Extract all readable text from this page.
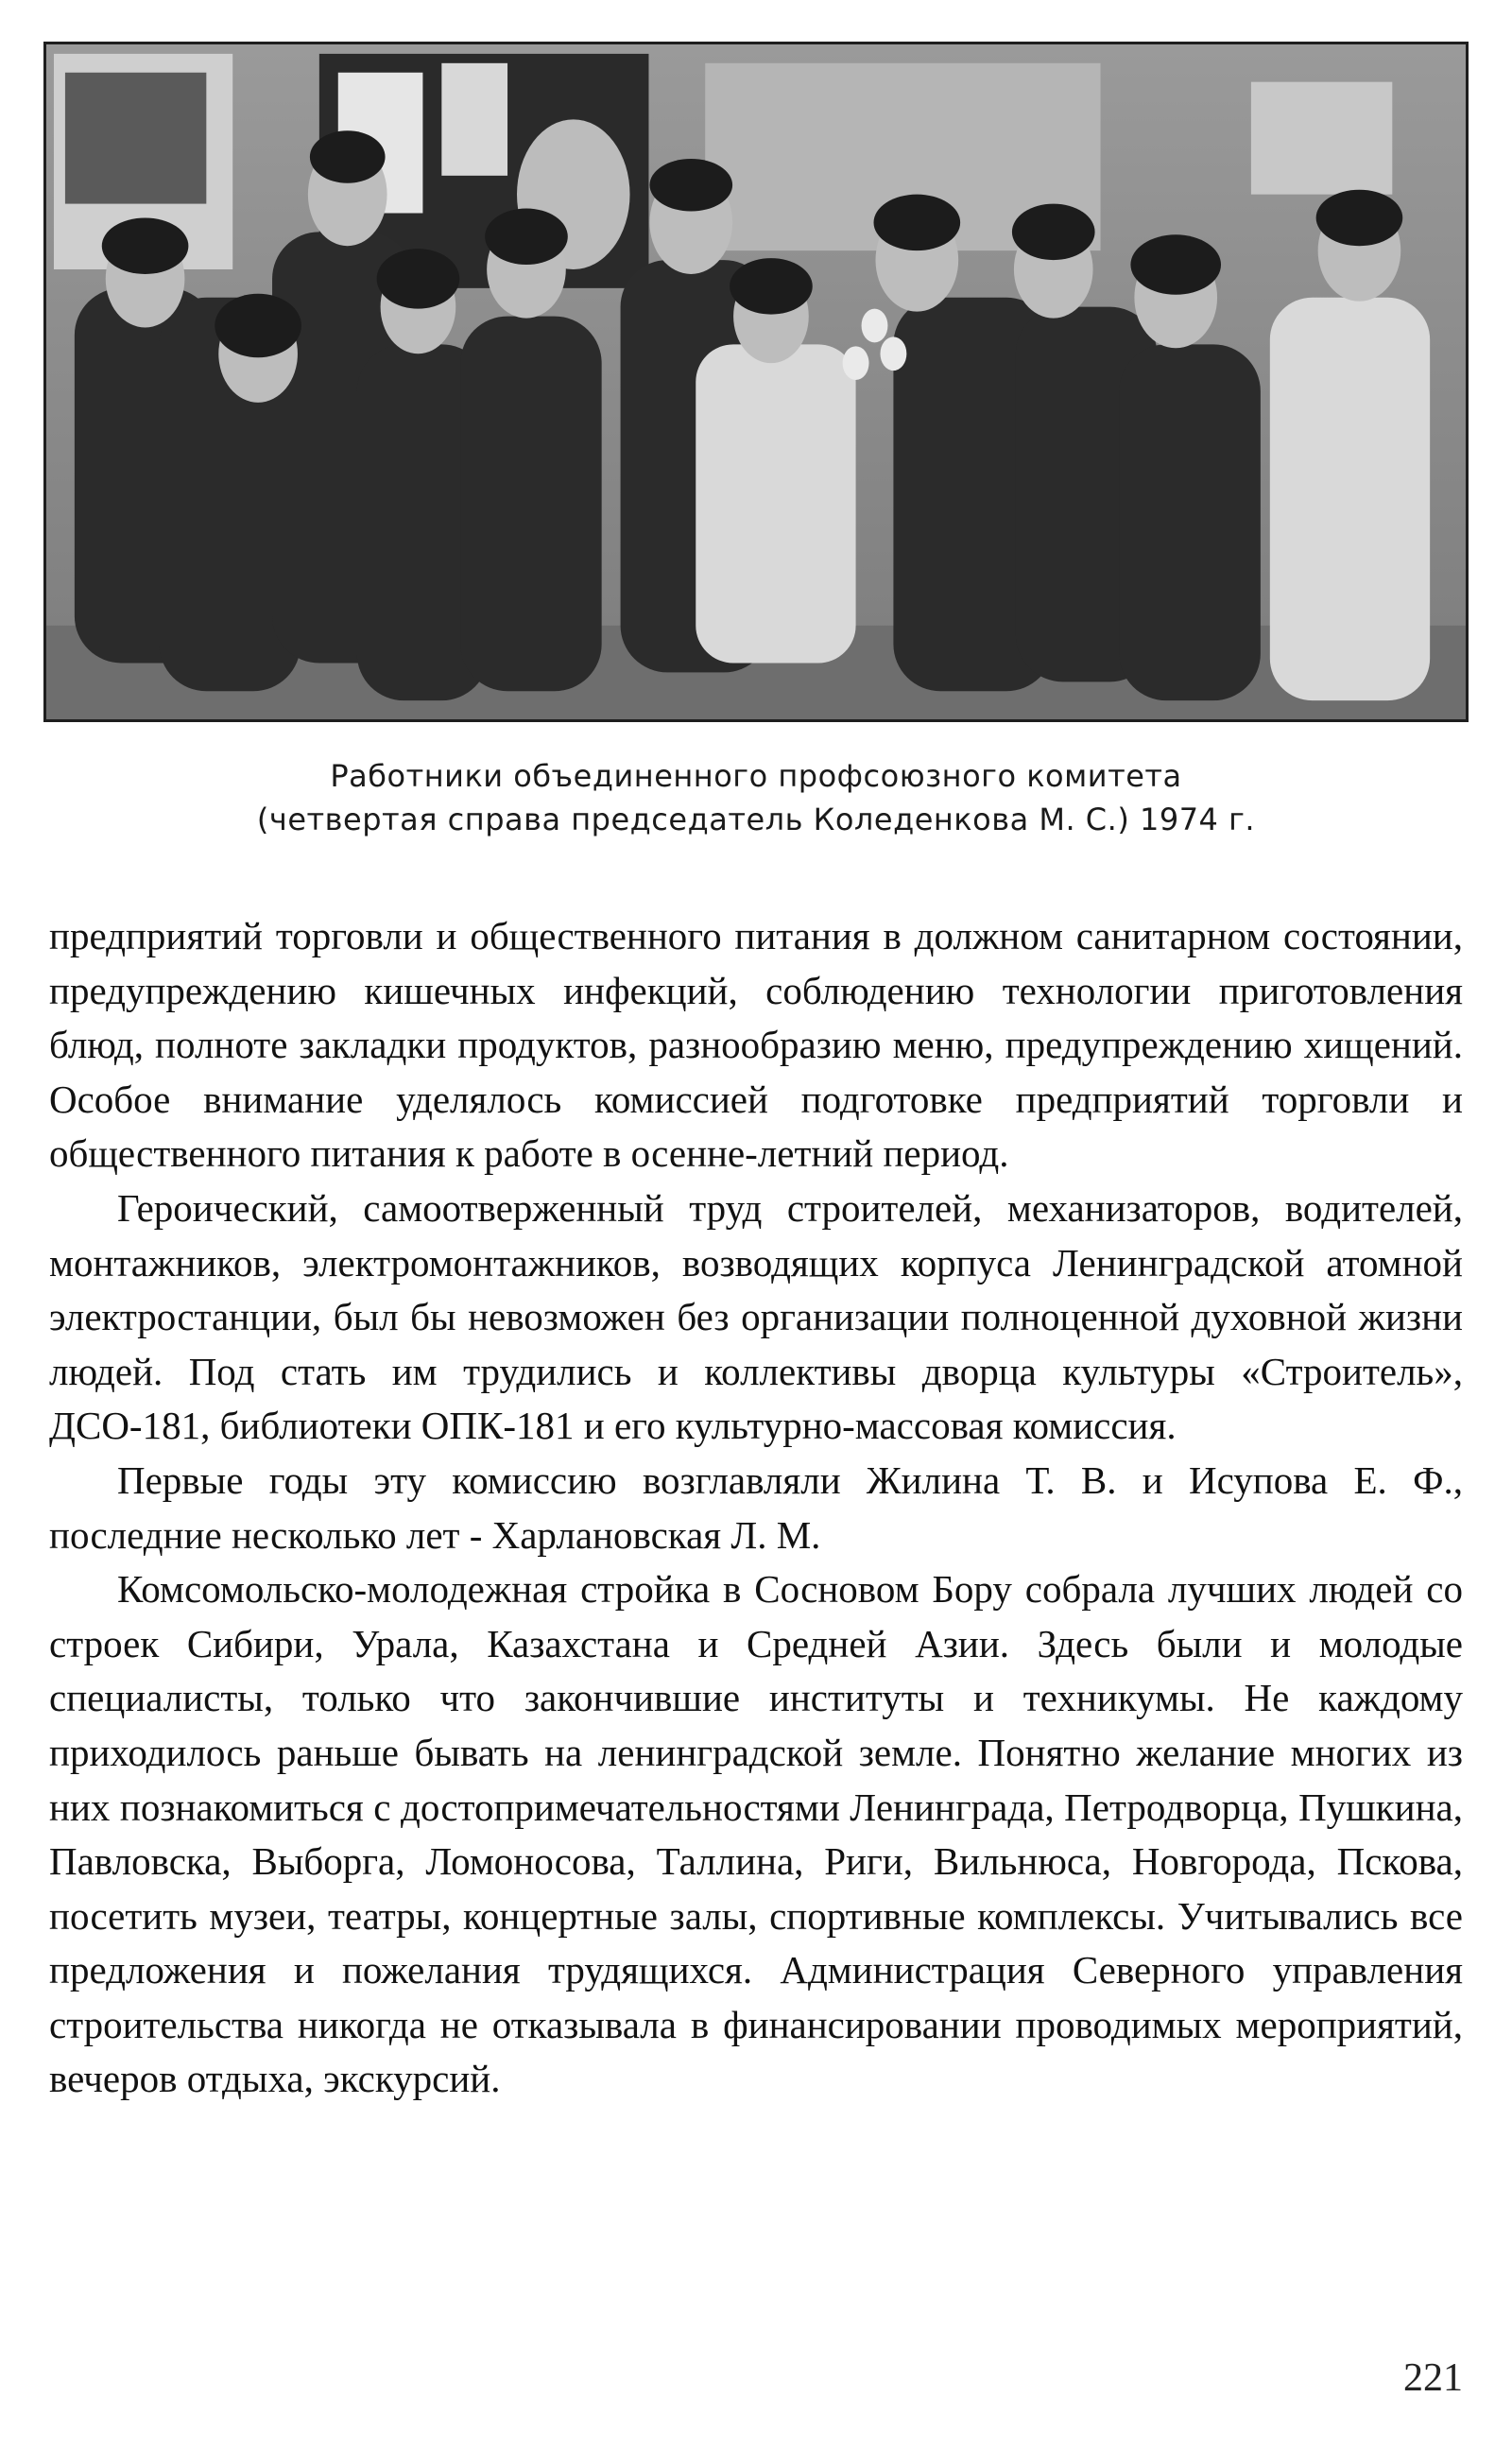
Работники объединенного профсоюзного комитета
(четвертая справа председатель Коледенкова М. С.) 1974 г.

предприятий торговли и общественного питания в должном санитарном состоянии, предупреждению кишечных инфекций, соблюдению технологии приготовления блюд, полноте закладки продуктов, разнообразию меню, предупреждению хищений. Особое внимание уделялось комиссией подготовке предприятий торговли и общественного питания к работе в осенне-летний период.

Героический, самоотверженный труд строителей, механизаторов, водителей, монтажников, электромонтажников, возводящих корпуса Ленинградской атомной электростанции, был бы невозможен без организации полноценной духовной жизни людей. Под стать им трудились и коллективы дворца культуры «Строитель», ДСО-181, библиотеки ОПК-181 и его культурно-массовая комиссия.

Первые годы эту комиссию возглавляли Жилина Т. В. и Исупова Е. Ф., последние несколько лет - Харлановская Л. М.

Комсомольско-молодежная стройка в Сосновом Бору собрала лучших людей со строек Сибири, Урала, Казахстана и Средней Азии. Здесь были и молодые специалисты, только что закончившие институты и техникумы. Не каждому приходилось раньше бывать на ленинградской земле. Понятно желание многих из них познакомиться с достопримечательностями Ленинграда, Петродворца, Пушкина, Павловска, Выборга, Ломоносова, Таллина, Риги, Вильнюса, Новгорода, Пскова, посетить музеи, театры, концертные залы, спортивные комплексы. Учитывались все предложения и пожелания трудящихся. Администрация Северного управления строительства никогда не отказывала в финансировании проводимых мероприятий, вечеров отдыха, экскурсий.

221
